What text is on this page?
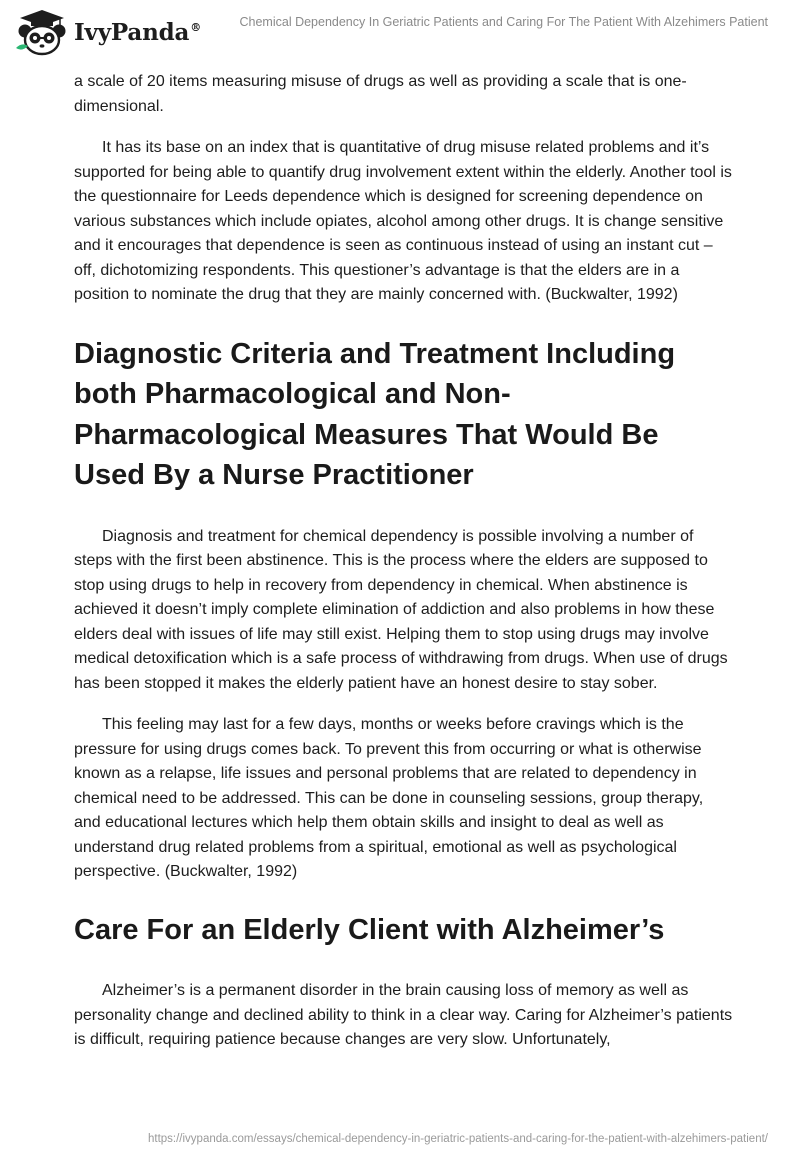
IvyPanda®	Chemical Dependency In Geriatric Patients and Caring For The Patient With Alzehimers Patient

a scale of 20 items measuring misuse of drugs as well as providing a scale that is one-dimensional.

It has its base on an index that is quantitative of drug misuse related problems and it’s supported for being able to quantify drug involvement extent within the elderly. Another tool is the questionnaire for Leeds dependence which is designed for screening dependence on various substances which include opiates, alcohol among other drugs. It is change sensitive and it encourages that dependence is seen as continuous instead of using an instant cut –off, dichotomizing respondents. This questioner’s advantage is that the elders are in a position to nominate the drug that they are mainly concerned with. (Buckwalter, 1992)

Diagnostic Criteria and Treatment Including both Pharmacological and Non-Pharmacological Measures That Would Be Used By a Nurse Practitioner

Diagnosis and treatment for chemical dependency is possible involving a number of steps with the first been abstinence. This is the process where the elders are supposed to stop using drugs to help in recovery from dependency in chemical. When abstinence is achieved it doesn’t imply complete elimination of addiction and also problems in how these elders deal with issues of life may still exist. Helping them to stop using drugs may involve medical detoxification which is a safe process of withdrawing from drugs. When use of drugs has been stopped it makes the elderly patient have an honest desire to stay sober.

This feeling may last for a few days, months or weeks before cravings which is the pressure for using drugs comes back. To prevent this from occurring or what is otherwise known as a relapse, life issues and personal problems that are related to dependency in chemical need to be addressed. This can be done in counseling sessions, group therapy, and educational lectures which help them obtain skills and insight to deal as well as understand drug related problems from a spiritual, emotional as well as psychological perspective. (Buckwalter, 1992)

Care For an Elderly Client with Alzheimer’s

Alzheimer’s is a permanent disorder in the brain causing loss of memory as well as personality change and declined ability to think in a clear way. Caring for Alzheimer’s patients is difficult, requiring patience because changes are very slow. Unfortunately,

https://ivypanda.com/essays/chemical-dependency-in-geriatric-patients-and-caring-for-the-patient-with-alzehimers-patient/
